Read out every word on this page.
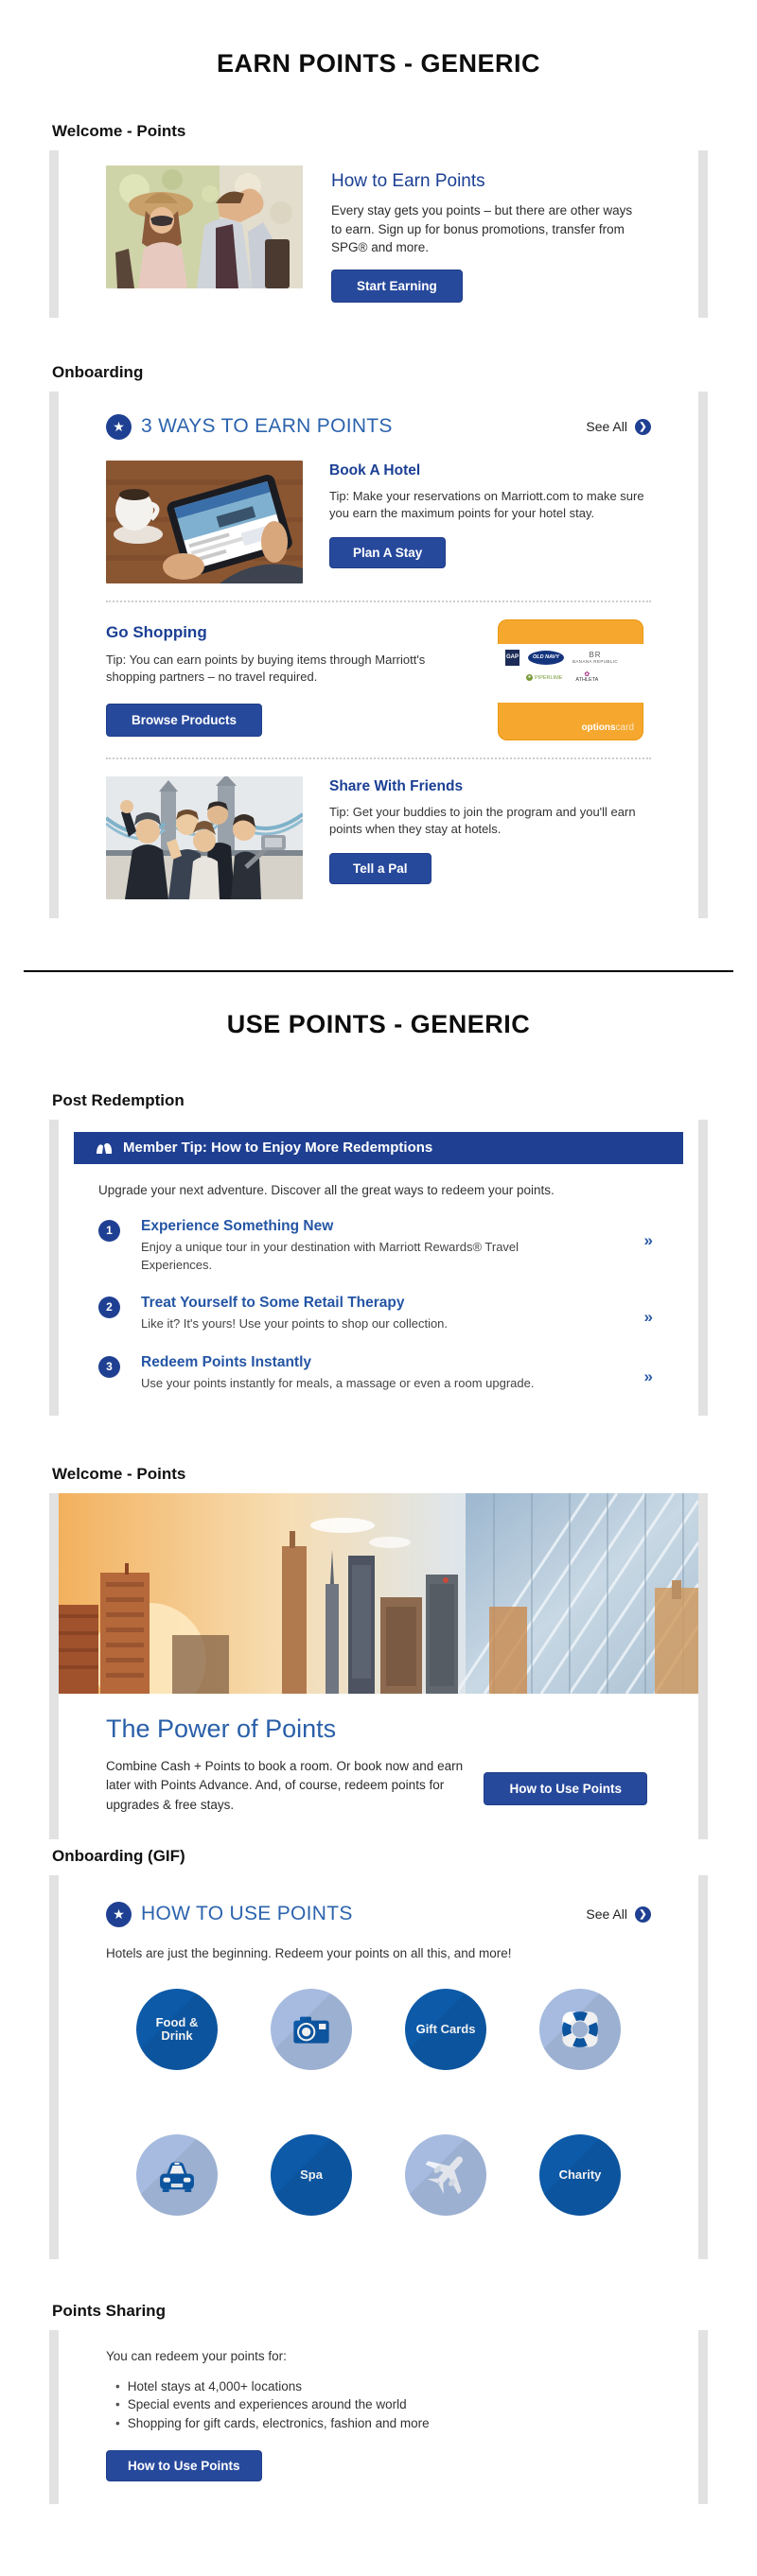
EARN POINTS - GENERIC
Welcome - Points
How to Earn Points

Every stay gets you points – but there are other ways to earn. Sign up for bonus promotions, transfer from SPG® and more.

Start Earning
Onboarding
★ 3 WAYS TO EARN POINTS	See All	❯
Book A Hotel
Tip: Make your reservations on Marriott.com to make sure you earn the maximum points for your hotel stay.
Plan A Stay
Go Shopping
Tip: You can earn points by buying items through Marriott's shopping partners – no travel required.
Browse Products
GAP	OLD NAVY	BR
BANANA REPUBLIC
● PIPERLIME	✿
ATHLETA
optionscard
Share With Friends
Tip: Get your buddies to join the program and you'll earn points when they stay at hotels.
Tell a Pal
USE POINTS - GENERIC
Post Redemption
Member Tip: How to Enjoy More Redemptions
Upgrade your next adventure. Discover all the great ways to redeem your points.
1	Experience Something New

Enjoy a unique tour in your destination with Marriott Rewards® Travel Experiences.

»
2	Treat Yourself to Some Retail Therapy

Like it? It's yours! Use your points to shop our collection.	»
3	Redeem Points Instantly

Use your points instantly for meals, a massage or even a room upgrade.	»
Welcome - Points
The Power of Points

Combine Cash + Points to book a room. Or book now and earn later with Points Advance. And, of course, redeem points for upgrades & free stays.

How to Use Points
Onboarding (GIF)
★ HOW TO USE POINTS	See All	❯
Hotels are just the beginning. Redeem your points on all this, and more!
Food & Drink	Gift Cards
Spa	Charity
Points Sharing
You can redeem your points for:
• Hotel stays at 4,000+ locations
• Special events and experiences around the world
• Shopping for gift cards, electronics, fashion and more
How to Use Points
